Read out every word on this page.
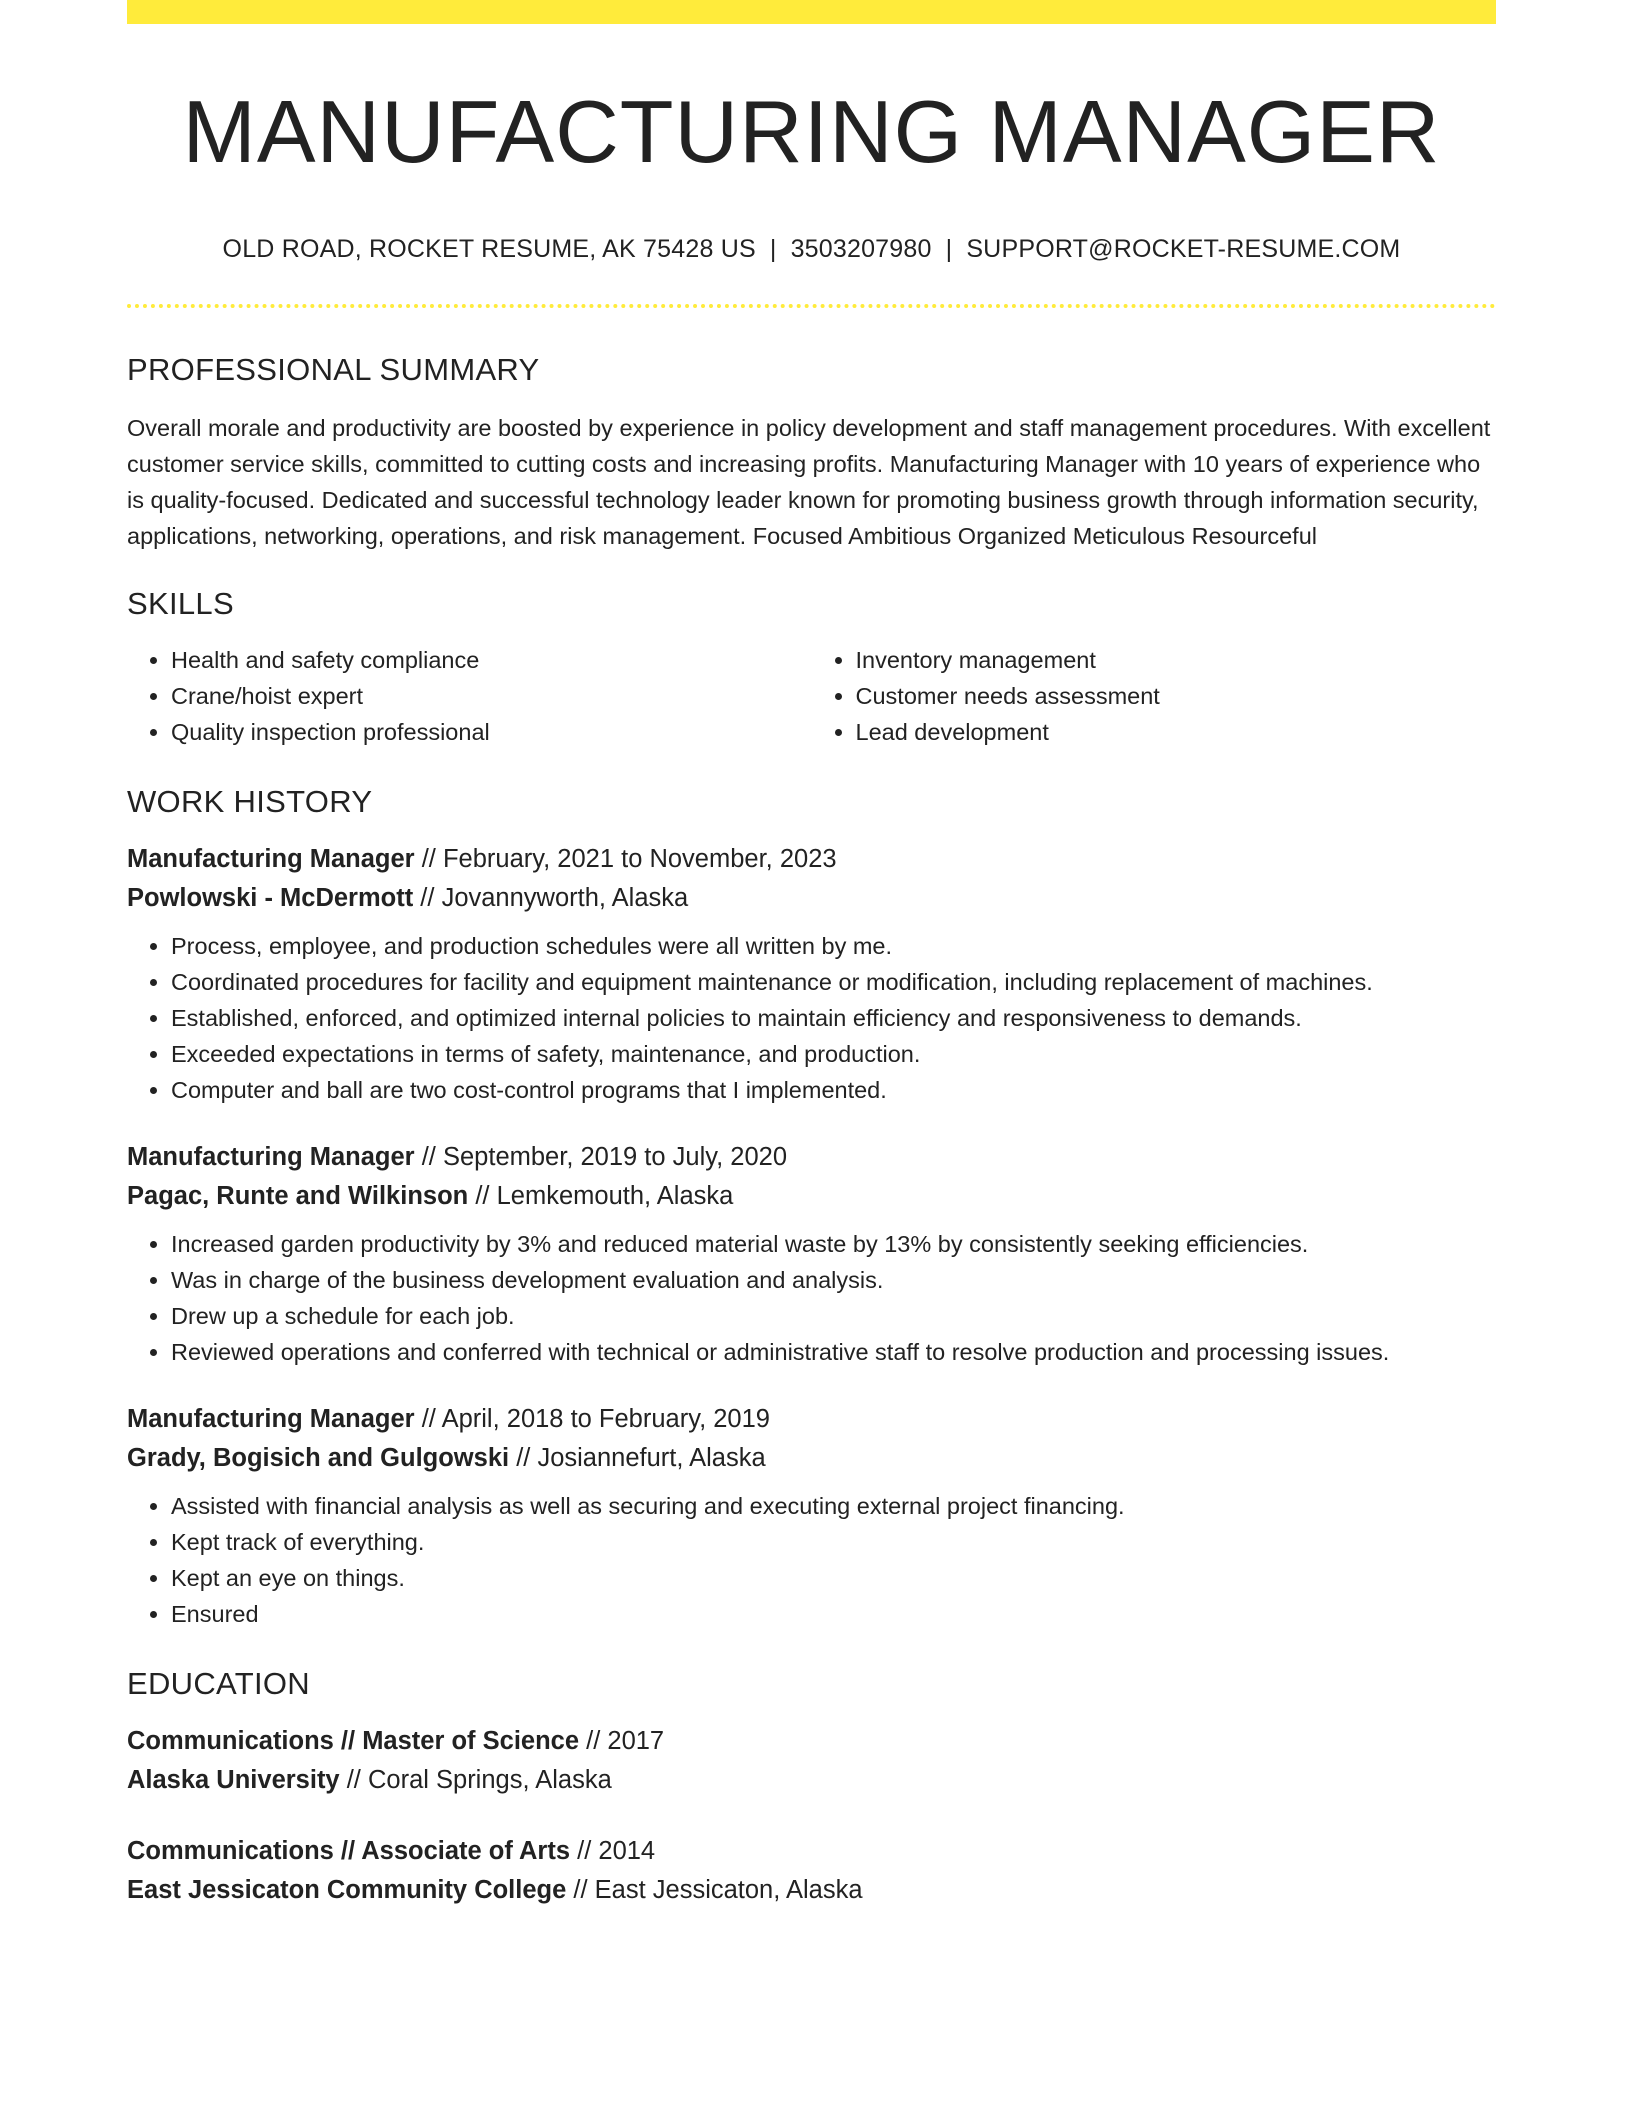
MANUFACTURING MANAGER
OLD ROAD, ROCKET RESUME, AK 75428 US | 3503207980 | SUPPORT@ROCKET-RESUME.COM
PROFESSIONAL SUMMARY

Overall morale and productivity are boosted by experience in policy development and staff management procedures. With excellent customer service skills, committed to cutting costs and increasing profits. Manufacturing Manager with 10 years of experience who is quality-focused. Dedicated and successful technology leader known for promoting business growth through information security, applications, networking, operations, and risk management. Focused Ambitious Organized Meticulous Resourceful

SKILLS
• Health and safety compliance
• Crane/hoist expert
• Quality inspection professional
• Inventory management
• Customer needs assessment
• Lead development
WORK HISTORY
Manufacturing Manager // February, 2021 to November, 2023
Powlowski - McDermott // Jovannyworth, Alaska
• Process, employee, and production schedules were all written by me.
• Coordinated procedures for facility and equipment maintenance or modification, including replacement of machines.
• Established, enforced, and optimized internal policies to maintain efficiency and responsiveness to demands.
• Exceeded expectations in terms of safety, maintenance, and production.
• Computer and ball are two cost-control programs that I implemented.
Manufacturing Manager // September, 2019 to July, 2020
Pagac, Runte and Wilkinson // Lemkemouth, Alaska
• Increased garden productivity by 3% and reduced material waste by 13% by consistently seeking efficiencies.
• Was in charge of the business development evaluation and analysis.
• Drew up a schedule for each job.
• Reviewed operations and conferred with technical or administrative staff to resolve production and processing issues.
Manufacturing Manager // April, 2018 to February, 2019
Grady, Bogisich and Gulgowski // Josiannefurt, Alaska
• Assisted with financial analysis as well as securing and executing external project financing.
• Kept track of everything.
• Kept an eye on things.
• Ensured
EDUCATION
Communications // Master of Science // 2017
Alaska University // Coral Springs, Alaska
Communications // Associate of Arts // 2014
East Jessicaton Community College // East Jessicaton, Alaska
